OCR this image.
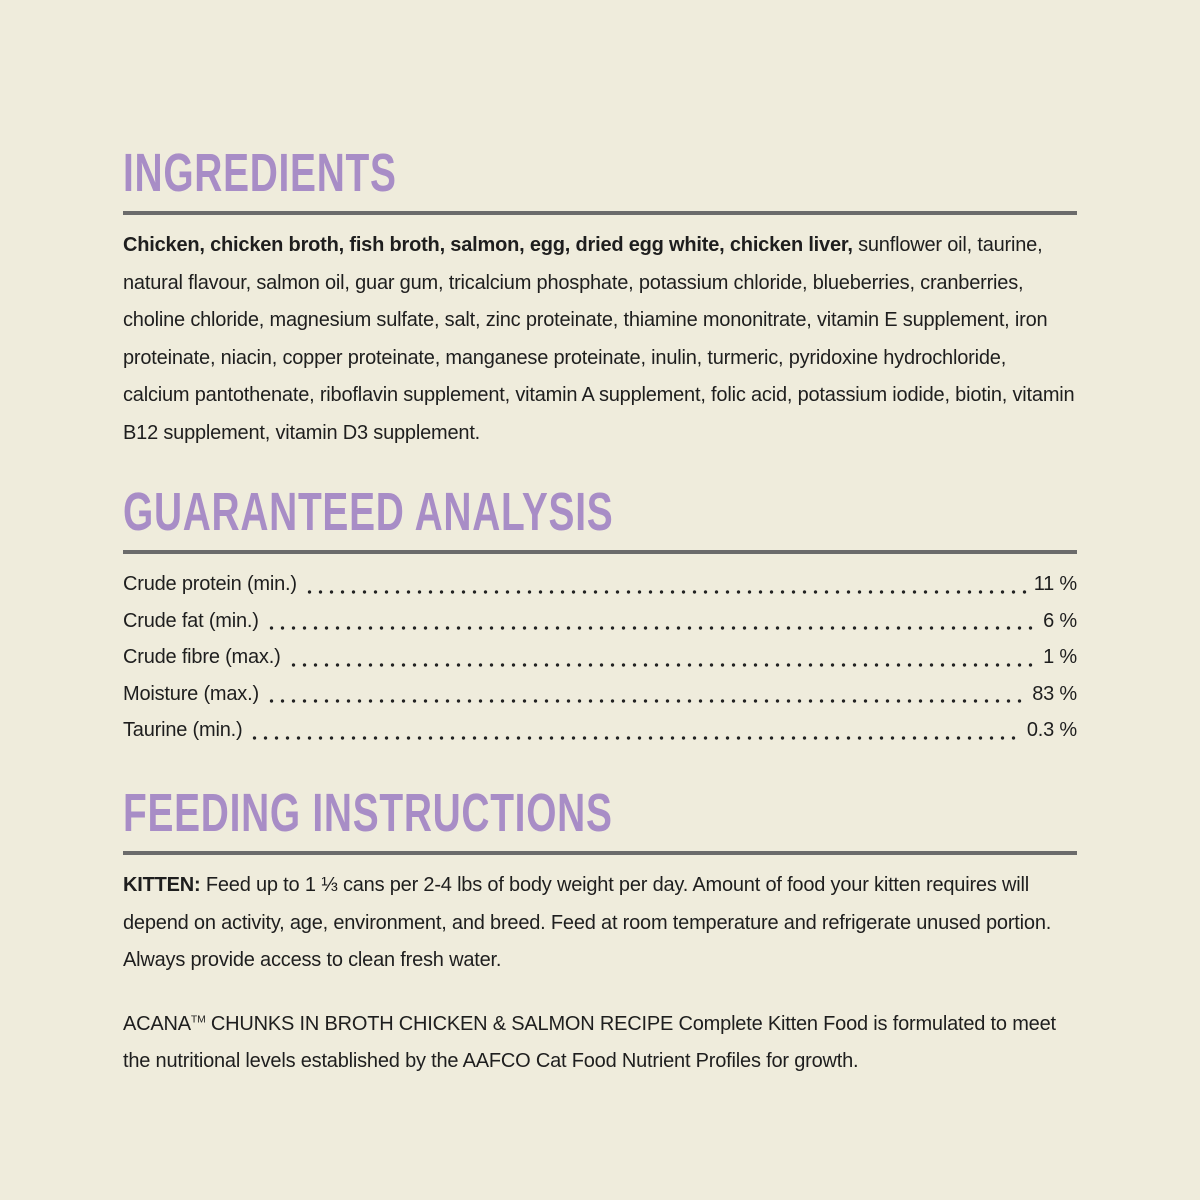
INGREDIENTS

Chicken, chicken broth, fish broth, salmon, egg, dried egg white, chicken liver, sunflower oil, taurine, natural flavour, salmon oil, guar gum, tricalcium phosphate, potassium chloride, blueberries, cranberries, choline chloride, magnesium sulfate, salt, zinc proteinate, thiamine mononitrate, vitamin E supplement, iron proteinate, niacin, copper proteinate, manganese proteinate, inulin, turmeric, pyridoxine hydrochloride, calcium pantothenate, riboflavin supplement, vitamin A supplement, folic acid, potassium iodide, biotin, vitamin B12 supplement, vitamin D3 supplement.

GUARANTEED ANALYSIS
Crude protein (min.)	11 %
Crude fat (min.)	6 %
Crude fibre (max.)	1 %
Moisture (max.)	83 %
Taurine (min.)	0.3 %
FEEDING INSTRUCTIONS

KITTEN: Feed up to 1 ⅓ cans per 2-4 lbs of body weight per day. Amount of food your kitten requires will depend on activity, age, environment, and breed. Feed at room temperature and refrigerate unused portion. Always provide access to clean fresh water.

ACANA™ CHUNKS IN BROTH CHICKEN & SALMON RECIPE Complete Kitten Food is formulated to meet the nutritional levels established by the AAFCO Cat Food Nutrient Profiles for growth.
